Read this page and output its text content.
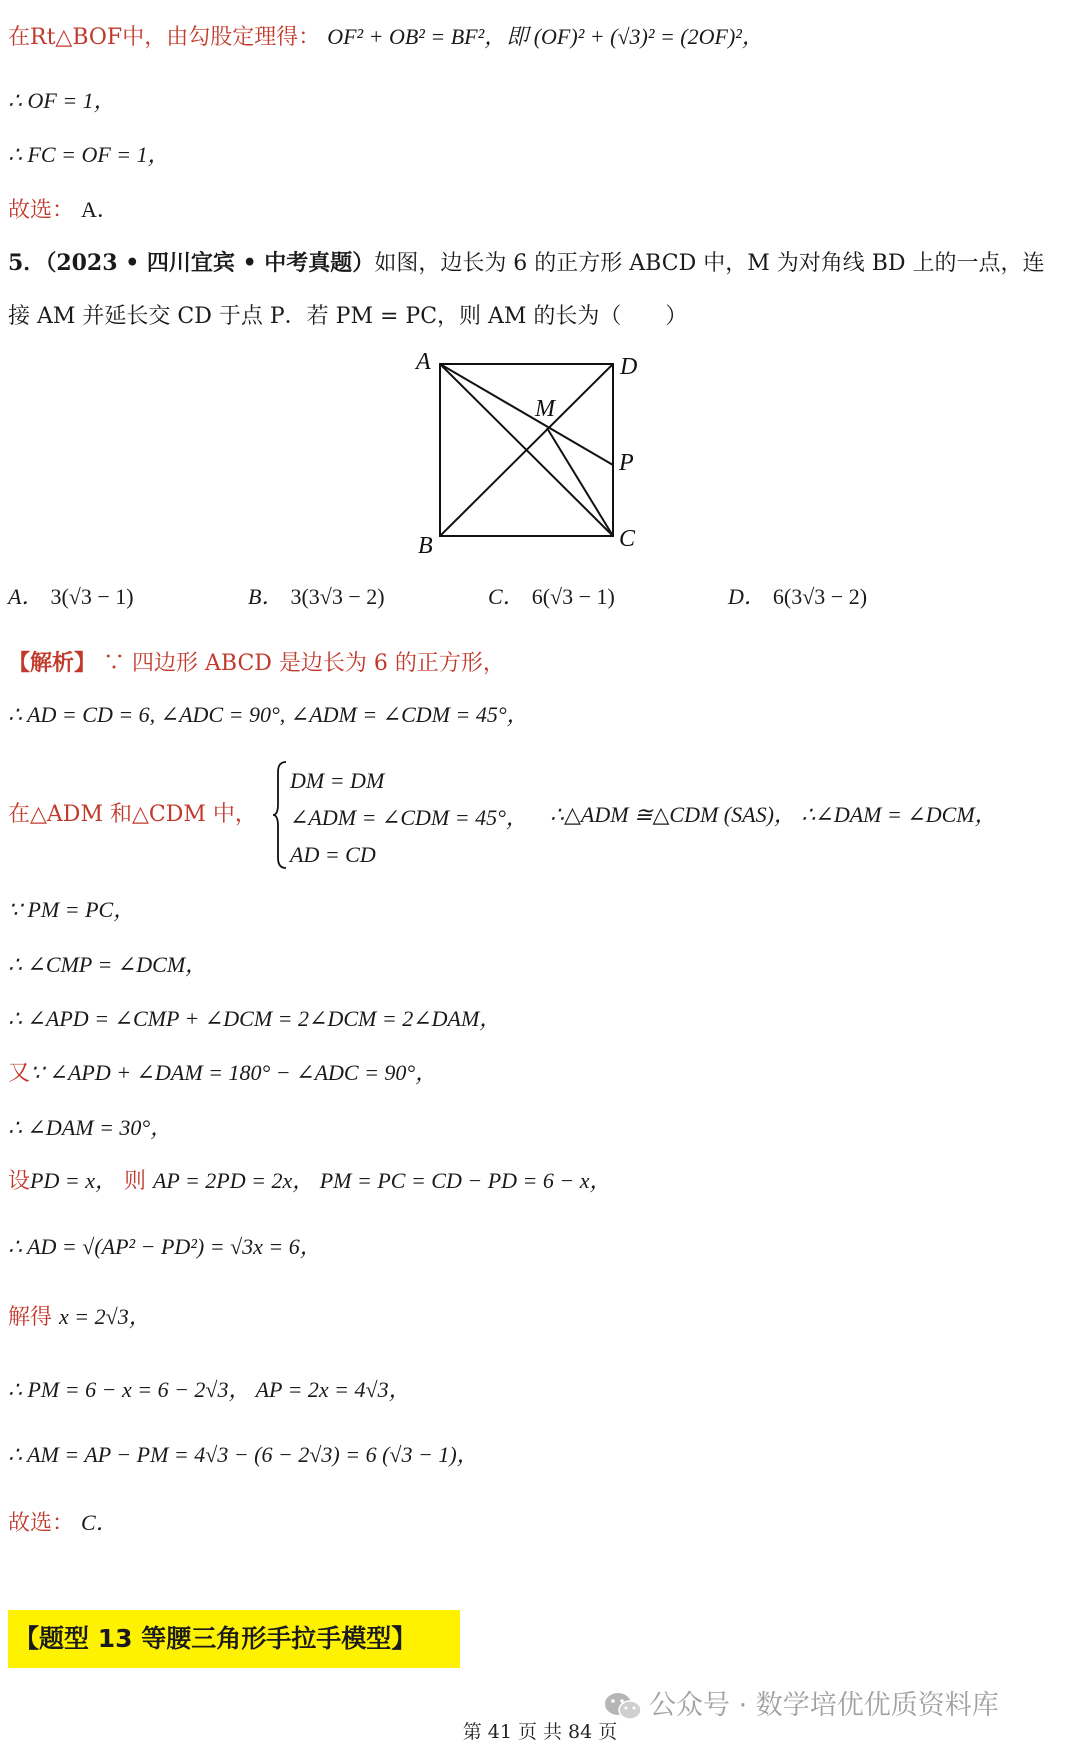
在Rt△BOF中，由勾股定理得： OF² + OB² = BF²，即 (OF)² + (√3)² = (2OF)²，
∴ OF = 1，
∴ FC = OF = 1，
故选： A．
5．（2023 • 四川宜宾 • 中考真题）如图，边长为 6 的正方形 ABCD 中，M 为对角线 BD 上的一点，连
接 AM 并延长交 CD 于点 P．若 PM = PC，则 AM 的长为（　　）
A	D
M
P
B	C
A． 3(√3 − 1)	B． 3(3√3 − 2)	C． 6(√3 − 1)	D． 6(3√3 − 2)
【解析】 ∵ 四边形 ABCD 是边长为 6 的正方形，
∴ AD = CD = 6, ∠ADC = 90°, ∠ADM = ∠CDM = 45°，
在△ADM 和△CDM 中，
DM = DM
∠ADM = ∠CDM = 45°，
AD = CD
∴△ADM ≅△CDM (SAS)， ∴∠DAM = ∠DCM，
∵ PM = PC，
∴ ∠CMP = ∠DCM，
∴ ∠APD = ∠CMP + ∠DCM = 2∠DCM = 2∠DAM，
又∵ ∠APD + ∠DAM = 180° − ∠ADC = 90°，
∴ ∠DAM = 30°，
设PD = x， 则 AP = 2PD = 2x， PM = PC = CD − PD = 6 − x，
∴ AD = √(AP² − PD²) = √3x = 6，
解得 x = 2√3，
∴ PM = 6 − x = 6 − 2√3， AP = 2x = 4√3，
∴ AM = AP − PM = 4√3 − (6 − 2√3) = 6 (√3 − 1)，
故选： C．
【题型 13 等腰三角形手拉手模型】
公众号 · 数学培优优质资料库
第 41 页 共 84 页
